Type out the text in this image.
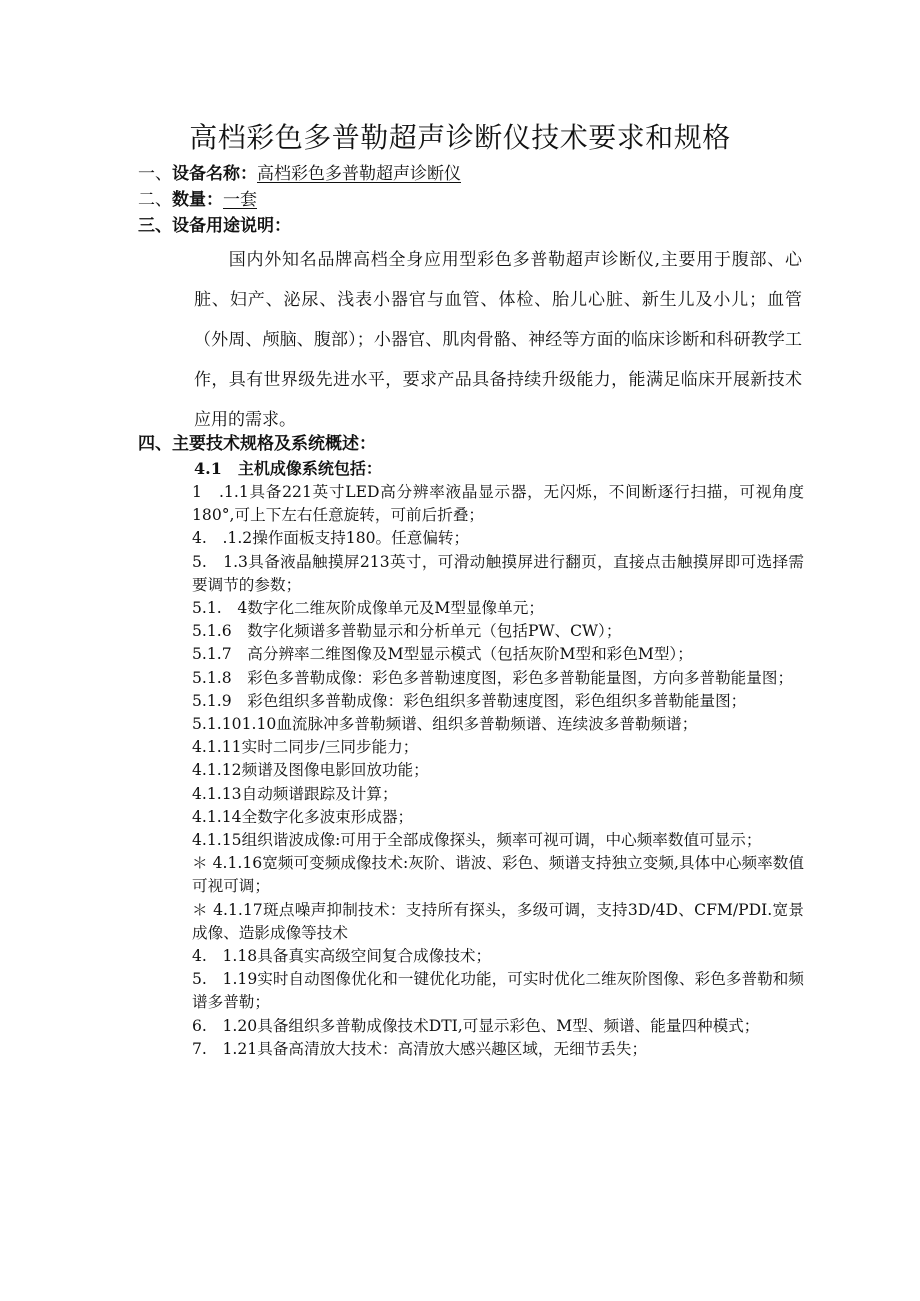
高档彩色多普勒超声诊断仪技术要求和规格
一、设备名称：高档彩色多普勒超声诊断仪
二、数量：一套
三、设备用途说明：
国内外知名品牌高档全身应用型彩色多普勒超声诊断仪,主要用于腹部、心脏、妇产、泌尿、浅表小器官与血管、体检、胎儿心脏、新生儿及小儿；血管（外周、颅脑、腹部）；小器官、肌肉骨骼、神经等方面的临床诊断和科研教学工作，具有世界级先进水平，要求产品具备持续升级能力，能满足临床开展新技术应用的需求。
四、主要技术规格及系统概述：
4.1　主机成像系统包括：

1　.1.1具备221英寸LED高分辨率液晶显示器，无闪烁，不间断逐行扫描，可视角度180°,可上下左右任意旋转，可前后折叠；

4.　.1.2操作面板支持180。任意偏转；

5.　1.3具备液晶触摸屏213英寸，可滑动触摸屏进行翻页，直接点击触摸屏即可选择需要调节的参数；

5.1.　4数字化二维灰阶成像单元及M型显像单元；

5.1.6　数字化频谱多普勒显示和分析单元（包括PW、CW）；

5.1.7　高分辨率二维图像及M型显示模式（包括灰阶M型和彩色M型）；

5.1.8　彩色多普勒成像：彩色多普勒速度图，彩色多普勒能量图，方向多普勒能量图；

5.1.9　彩色组织多普勒成像：彩色组织多普勒速度图，彩色组织多普勒能量图；

5.1.101.10血流脉冲多普勒频谱、组织多普勒频谱、连续波多普勒频谱；

4.1.11实时二同步/三同步能力；

4.1.12频谱及图像电影回放功能；

4.1.13自动频谱跟踪及计算；

4.1.14全数字化多波束形成器；

4.1.15组织谐波成像:可用于全部成像探头，频率可视可调，中心频率数值可显示；

＊ 4.1.16宽频可变频成像技术:灰阶、谐波、彩色、频谱支持独立变频,具体中心频率数值可视可调；

＊ 4.1.17斑点噪声抑制技术：支持所有探头，多级可调，支持3D/4D、CFM/PDI.宽景成像、造影成像等技术

4.　1.18具备真实高级空间复合成像技术；

5.　1.19实时自动图像优化和一键优化功能，可实时优化二维灰阶图像、彩色多普勒和频谱多普勒；

6.　1.20具备组织多普勒成像技术DTI,可显示彩色、M型、频谱、能量四种模式；

7.　1.21具备高清放大技术：高清放大感兴趣区域，无细节丢失；
